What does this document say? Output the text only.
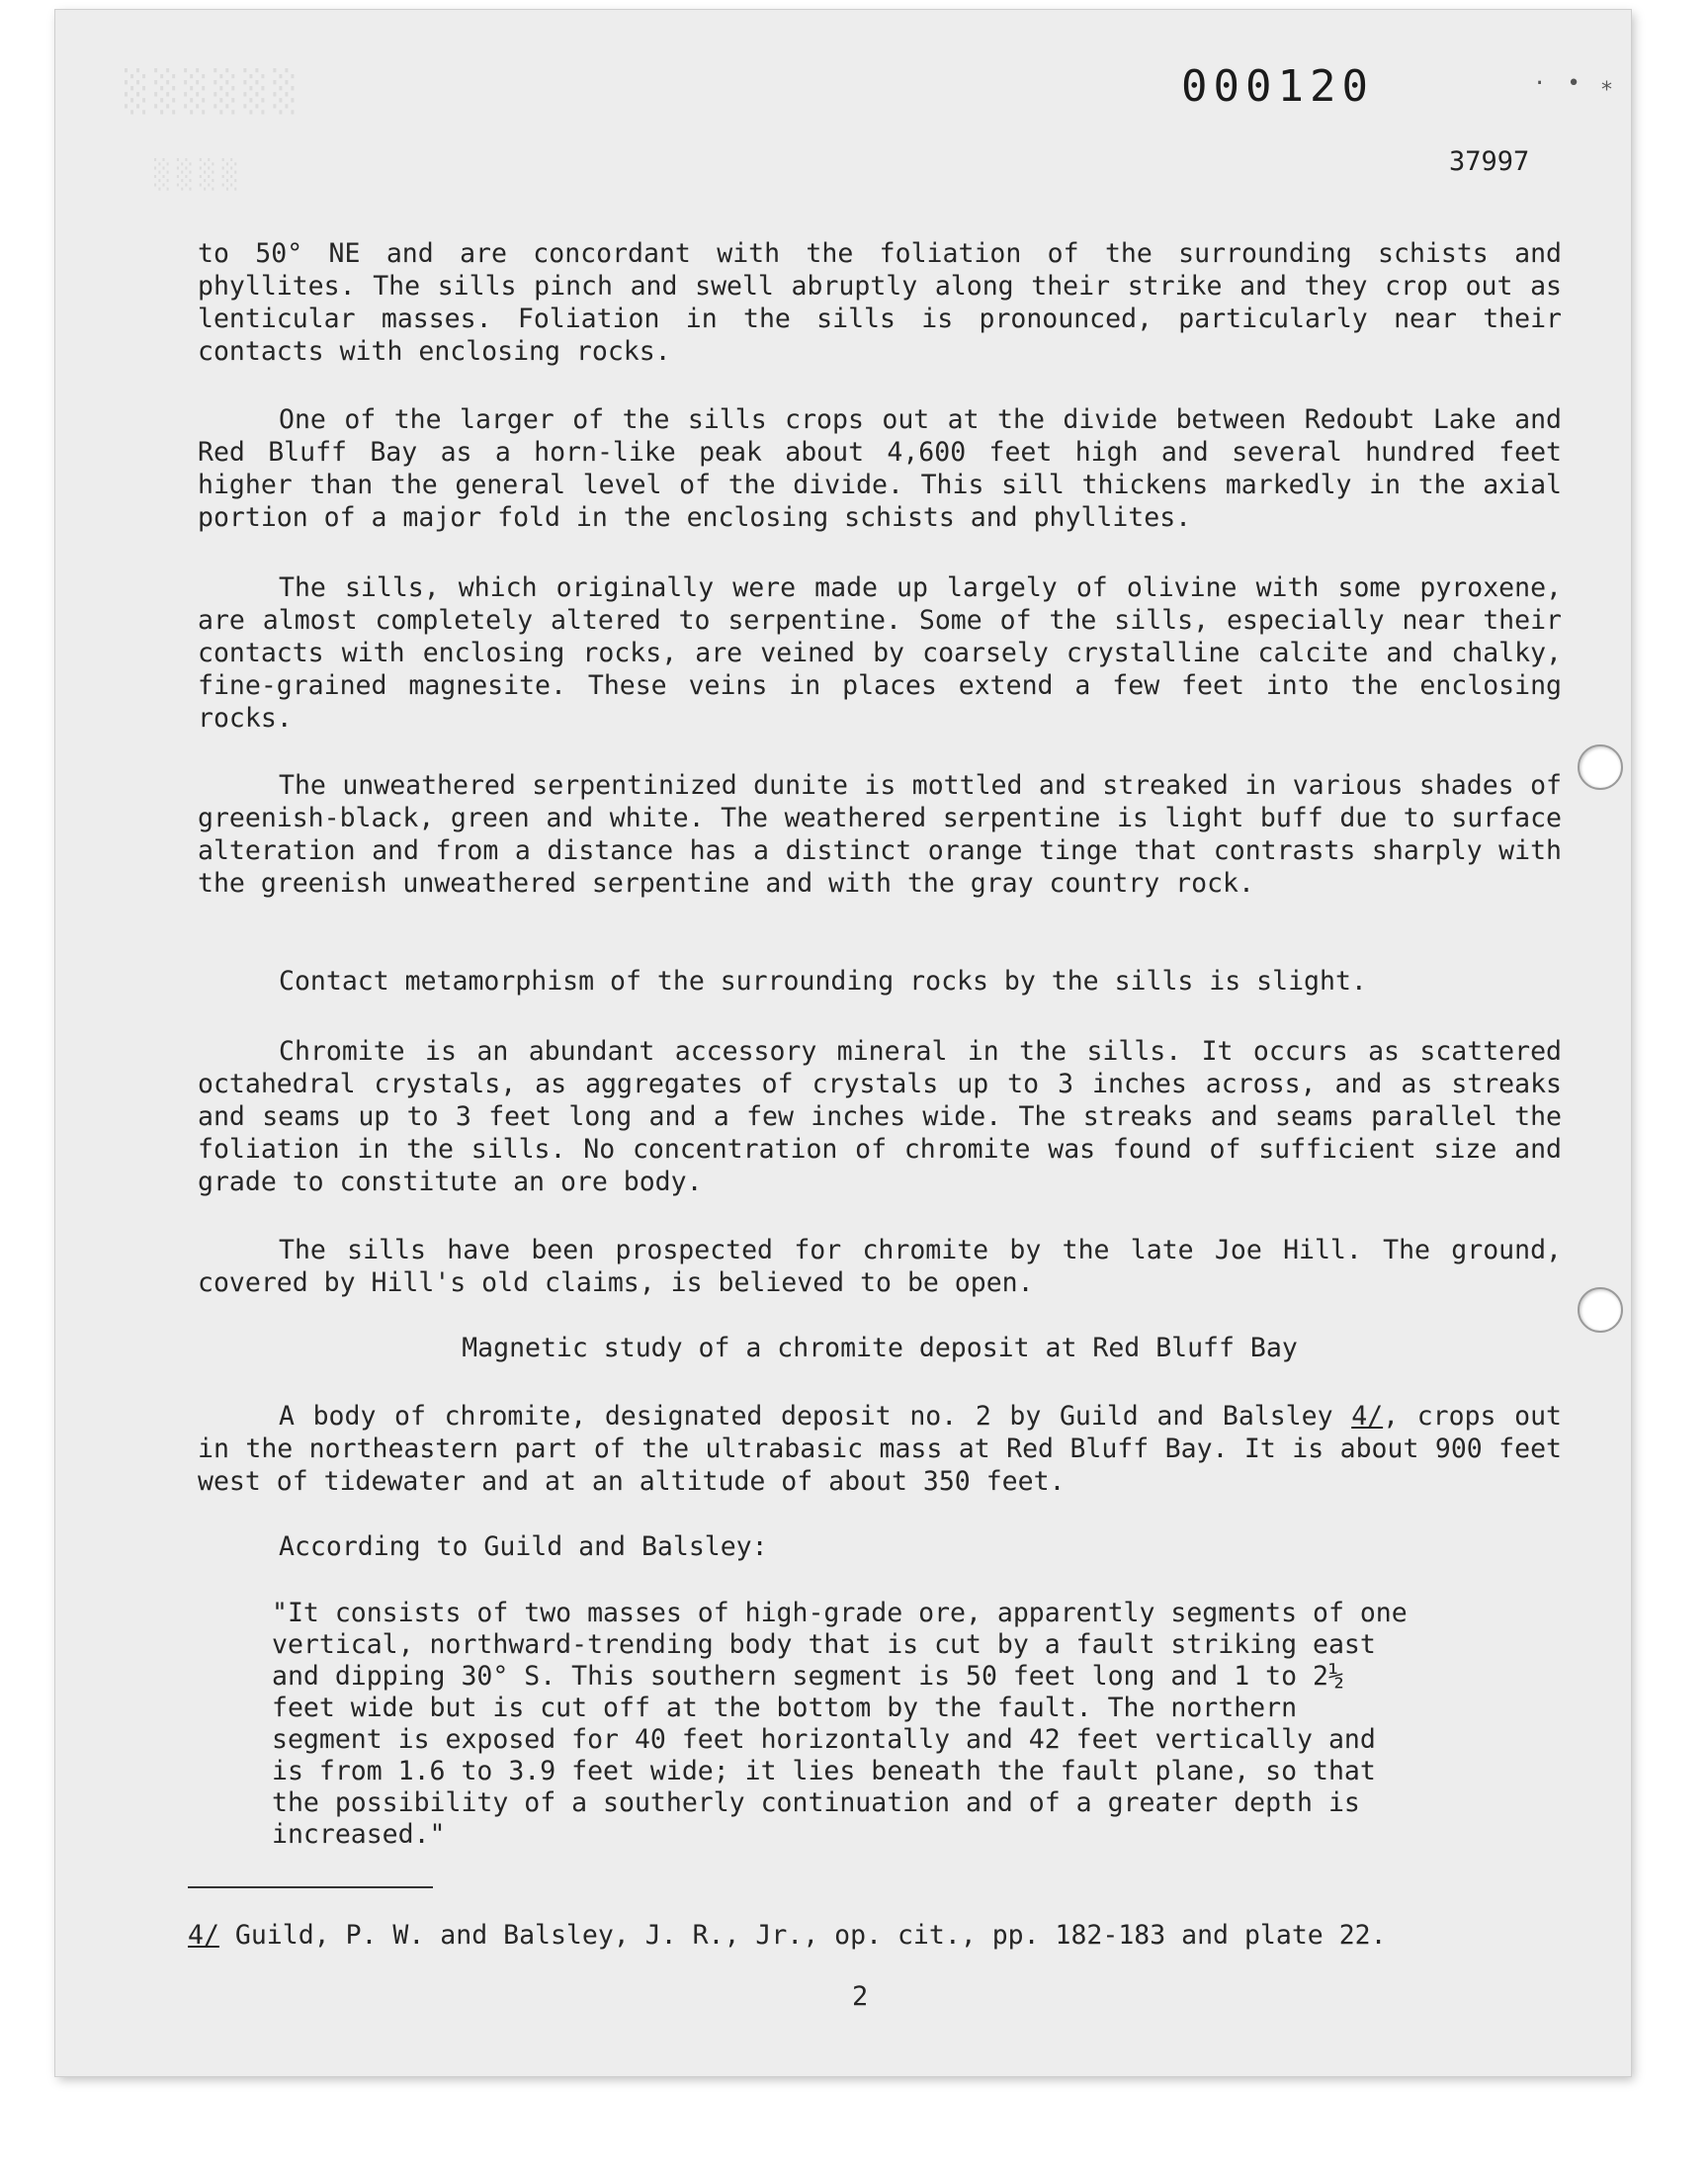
░░░░░░
░░░░
· • ⁎
000120
37997

to 50° NE and are concordant with the foliation of the surrounding schists and phyllites. The sills pinch and swell abruptly along their strike and they crop out as lenticular masses. Foliation in the sills is pronounced, particularly near their contacts with enclosing rocks.

One of the larger of the sills crops out at the divide between Redoubt Lake and Red Bluff Bay as a horn-like peak about 4,600 feet high and several hundred feet higher than the general level of the divide. This sill thickens markedly in the axial portion of a major fold in the enclosing schists and phyllites.

The sills, which originally were made up largely of olivine with some pyroxene, are almost completely altered to serpentine. Some of the sills, especially near their contacts with enclosing rocks, are veined by coarsely crystalline calcite and chalky, fine-grained magnesite. These veins in places extend a few feet into the enclosing rocks.

The unweathered serpentinized dunite is mottled and streaked in various shades of greenish-black, green and white. The weathered serpentine is light buff due to surface alteration and from a distance has a distinct orange tinge that contrasts sharply with the greenish unweathered serpentine and with the gray country rock.

Contact metamorphism of the surrounding rocks by the sills is slight.

Chromite is an abundant accessory mineral in the sills. It occurs as scattered octahedral crystals, as aggregates of crystals up to 3 inches across, and as streaks and seams up to 3 feet long and a few inches wide. The streaks and seams parallel the foliation in the sills. No concentration of chromite was found of sufficient size and grade to constitute an ore body.

The sills have been prospected for chromite by the late Joe Hill. The ground, covered by Hill's old claims, is believed to be open.

Magnetic study of a chromite deposit at Red Bluff Bay

A body of chromite, designated deposit no. 2 by Guild and Balsley 4/, crops out in the northeastern part of the ultrabasic mass at Red Bluff Bay. It is about 900 feet west of tidewater and at an altitude of about 350 feet.

According to Guild and Balsley:

"It consists of two masses of high-grade ore, apparently segments of one vertical, northward-trending body that is cut by a fault striking east and dipping 30° S. This southern segment is 50 feet long and 1 to 2½ feet wide but is cut off at the bottom by the fault. The northern segment is exposed for 40 feet horizontally and 42 feet vertically and is from 1.6 to 3.9 feet wide; it lies beneath the fault plane, so that the possibility of a southerly continuation and of a greater depth is increased."

4/ Guild, P. W. and Balsley, J. R., Jr., op. cit., pp. 182-183 and plate 22.
2
